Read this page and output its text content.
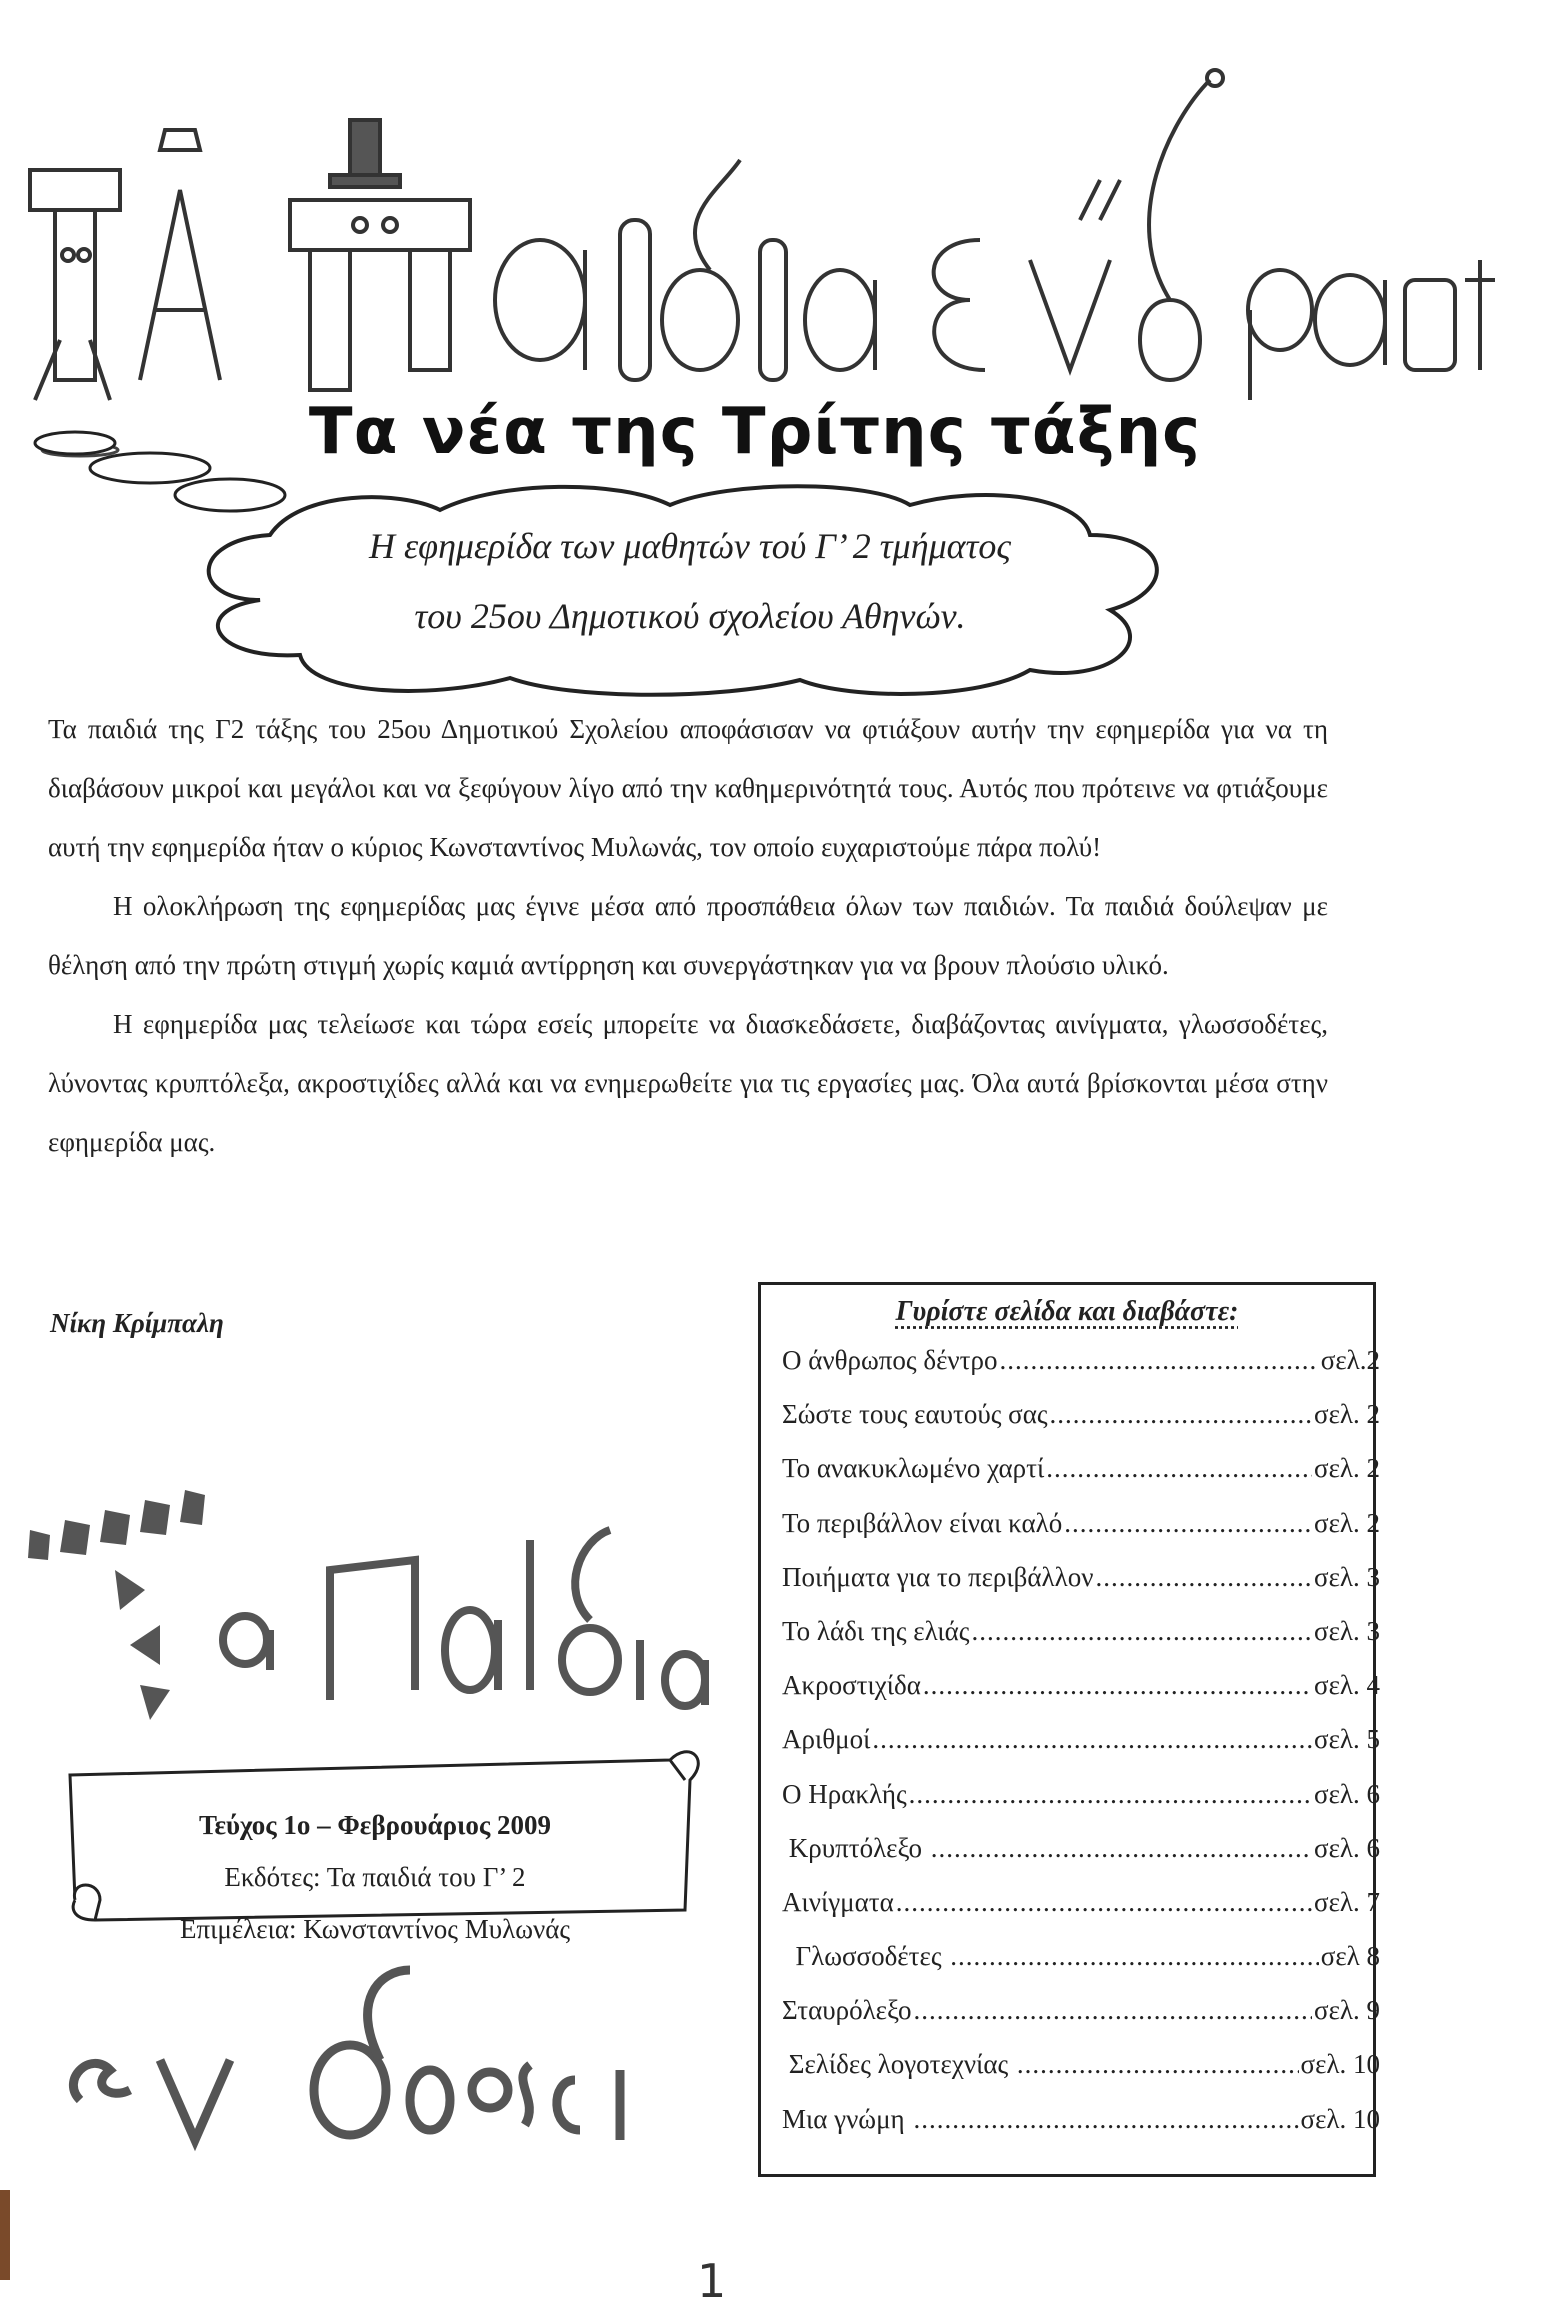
Τα νέα της Τρίτης τάξης
Η εφημερίδα των μαθητών τού Γ’ 2 τμήματος
του 25ου Δημοτικού σχολείου Αθηνών.

Τα παιδιά της Γ2 τάξης του 25ου Δημοτικού Σχολείου αποφάσισαν να φτιάξουν αυτήν την εφημερίδα για να τη διαβάσουν μικροί και μεγάλοι και να ξεφύγουν λίγο από την καθημερινότητά τους. Αυτός που πρότεινε να φτιάξουμε αυτή την εφημερίδα ήταν ο κύριος Κωνσταντίνος Μυλωνάς, τον οποίο ευχαριστούμε πάρα πολύ!

Η ολοκλήρωση της εφημερίδας μας έγινε μέσα από προσπάθεια όλων των παιδιών. Τα παιδιά δούλεψαν με θέληση από την πρώτη στιγμή χωρίς καμιά αντίρρηση και συνεργάστηκαν για να βρουν πλούσιο υλικό.

Η εφημερίδα μας τελείωσε και τώρα εσείς μπορείτε να διασκεδάσετε, διαβάζοντας αινίγματα, γλωσσοδέτες, λύνοντας κρυπτόλεξα, ακροστιχίδες αλλά και να ενημερωθείτε για τις εργασίες μας. Όλα αυτά βρίσκονται μέσα στην εφημερίδα μας.

Νίκη Κρίμπαλη
Τεύχος 1ο – Φεβρουάριος 2009
Εκδότες: Τα παιδιά του Γ’ 2
Επιμέλεια: Κωνσταντίνος Μυλωνάς
Γυρίστε σελίδα και διαβάστε:
Ο άνθρωπος δέντρο .....	σελ.2
Σώστε τους εαυτούς σας .....	σελ. 2
Το ανακυκλωμένο χαρτί .....	σελ. 2
Το περιβάλλον είναι καλό .....	σελ. 2
Ποιήματα για το περιβάλλον .....	σελ. 3
Το λάδι της ελιάς .....	σελ. 3
Ακροστιχίδα .....	σελ. 4
Αριθμοί .....	σελ. 5
Ο Ηρακλής .....	σελ. 6
Κρυπτόλεξο .....	σελ. 6
Αινίγματα .....	σελ. 7
Γλωσσοδέτες .....	σελ 8
Σταυρόλεξο .....	σελ. 9
Σελίδες λογοτεχνίας .....	σελ. 10
Μια γνώμη .....	σελ. 10
1
